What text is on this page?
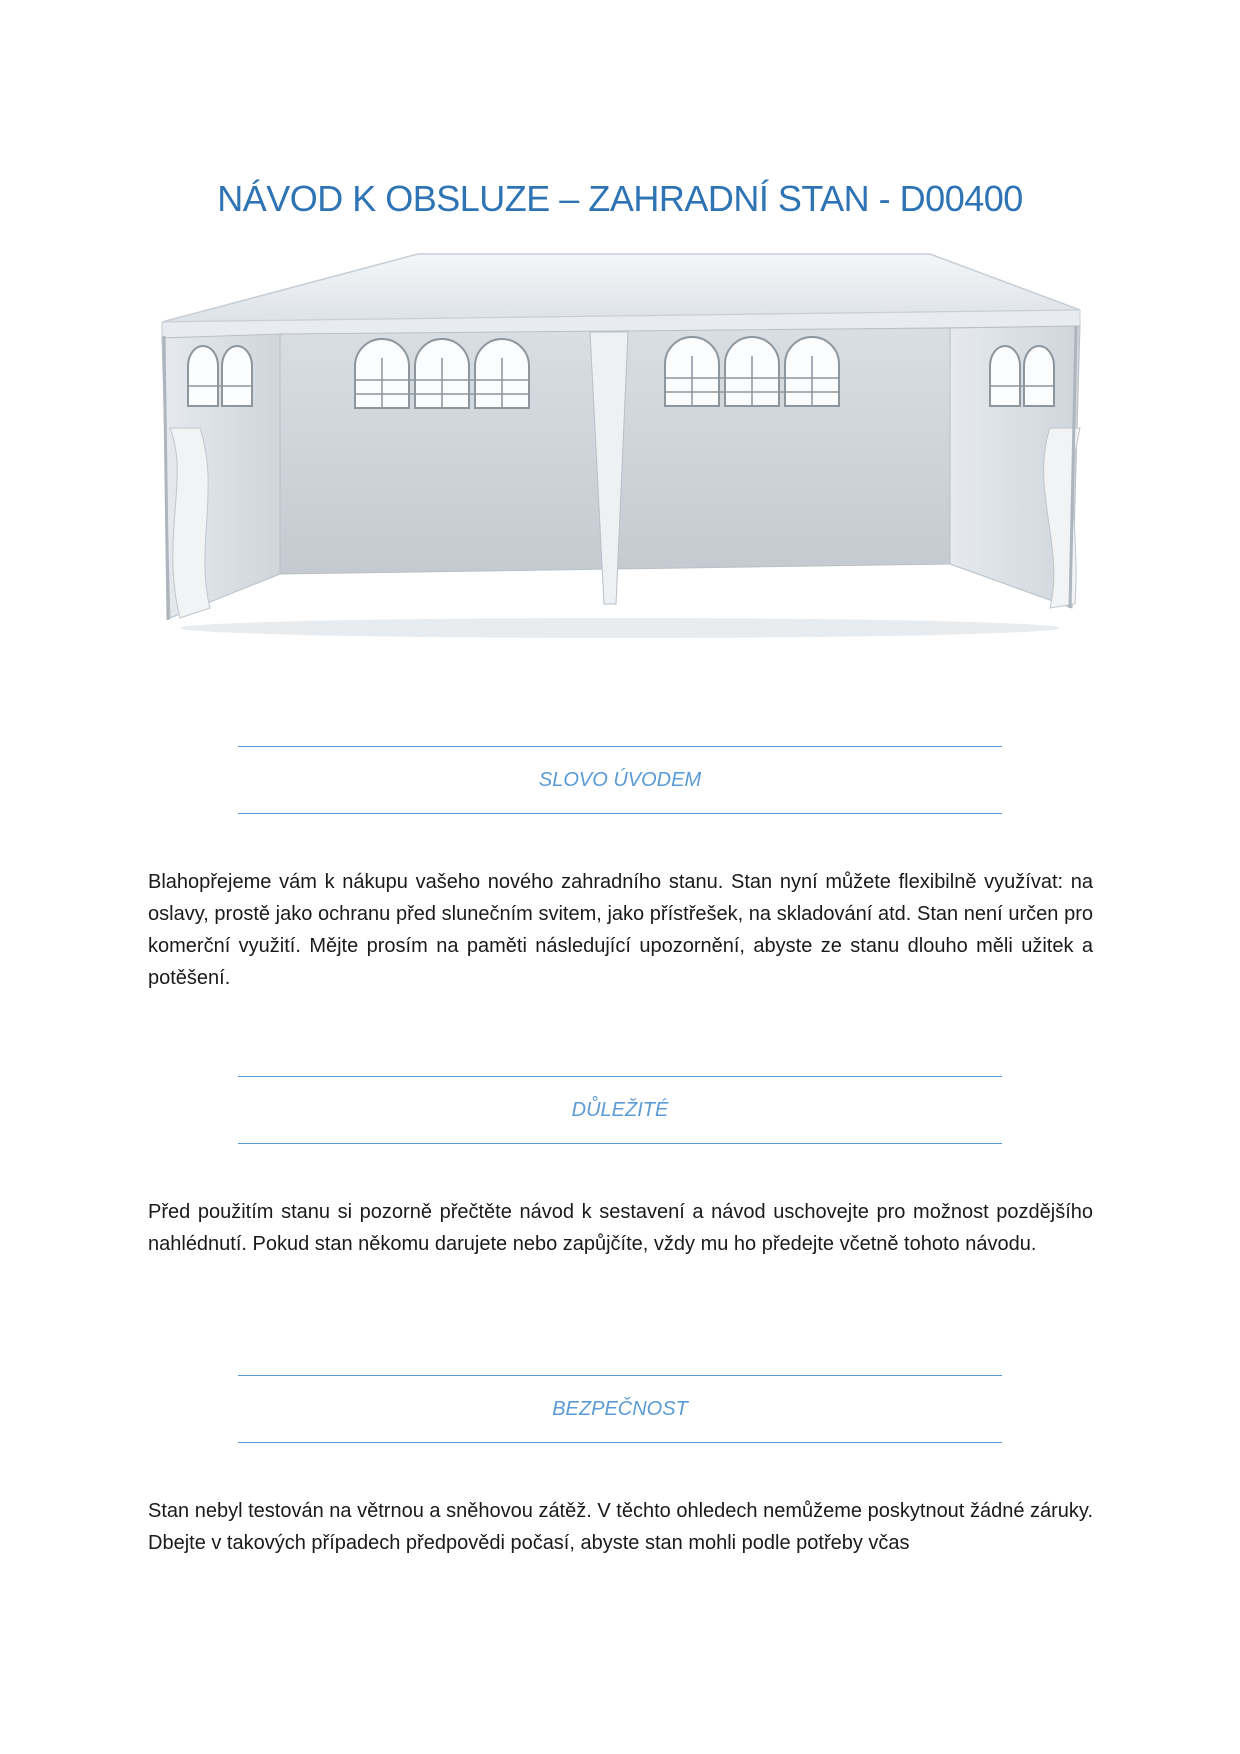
NÁVOD K OBSLUZE – ZAHRADNÍ STAN - D00400
SLOVO ÚVODEM

Blahopřejeme vám k nákupu vašeho nového zahradního stanu. Stan nyní můžete flexibilně využívat: na oslavy, prostě jako ochranu před slunečním svitem, jako přístřešek, na skladování atd. Stan není určen pro komerční využití. Mějte prosím na paměti následující upozornění, abyste ze stanu dlouho měli užitek a potěšení.

DŮLEŽITÉ

Před použitím stanu si pozorně přečtěte návod k sestavení a návod uschovejte pro možnost pozdějšího nahlédnutí. Pokud stan někomu darujete nebo zapůjčíte, vždy mu ho předejte včetně tohoto návodu.

BEZPEČNOST

Stan nebyl testován na větrnou a sněhovou zátěž. V těchto ohledech nemůžeme poskytnout žádné záruky. Dbejte v takových případech předpovědi počasí, abyste stan mohli podle potřeby včas
